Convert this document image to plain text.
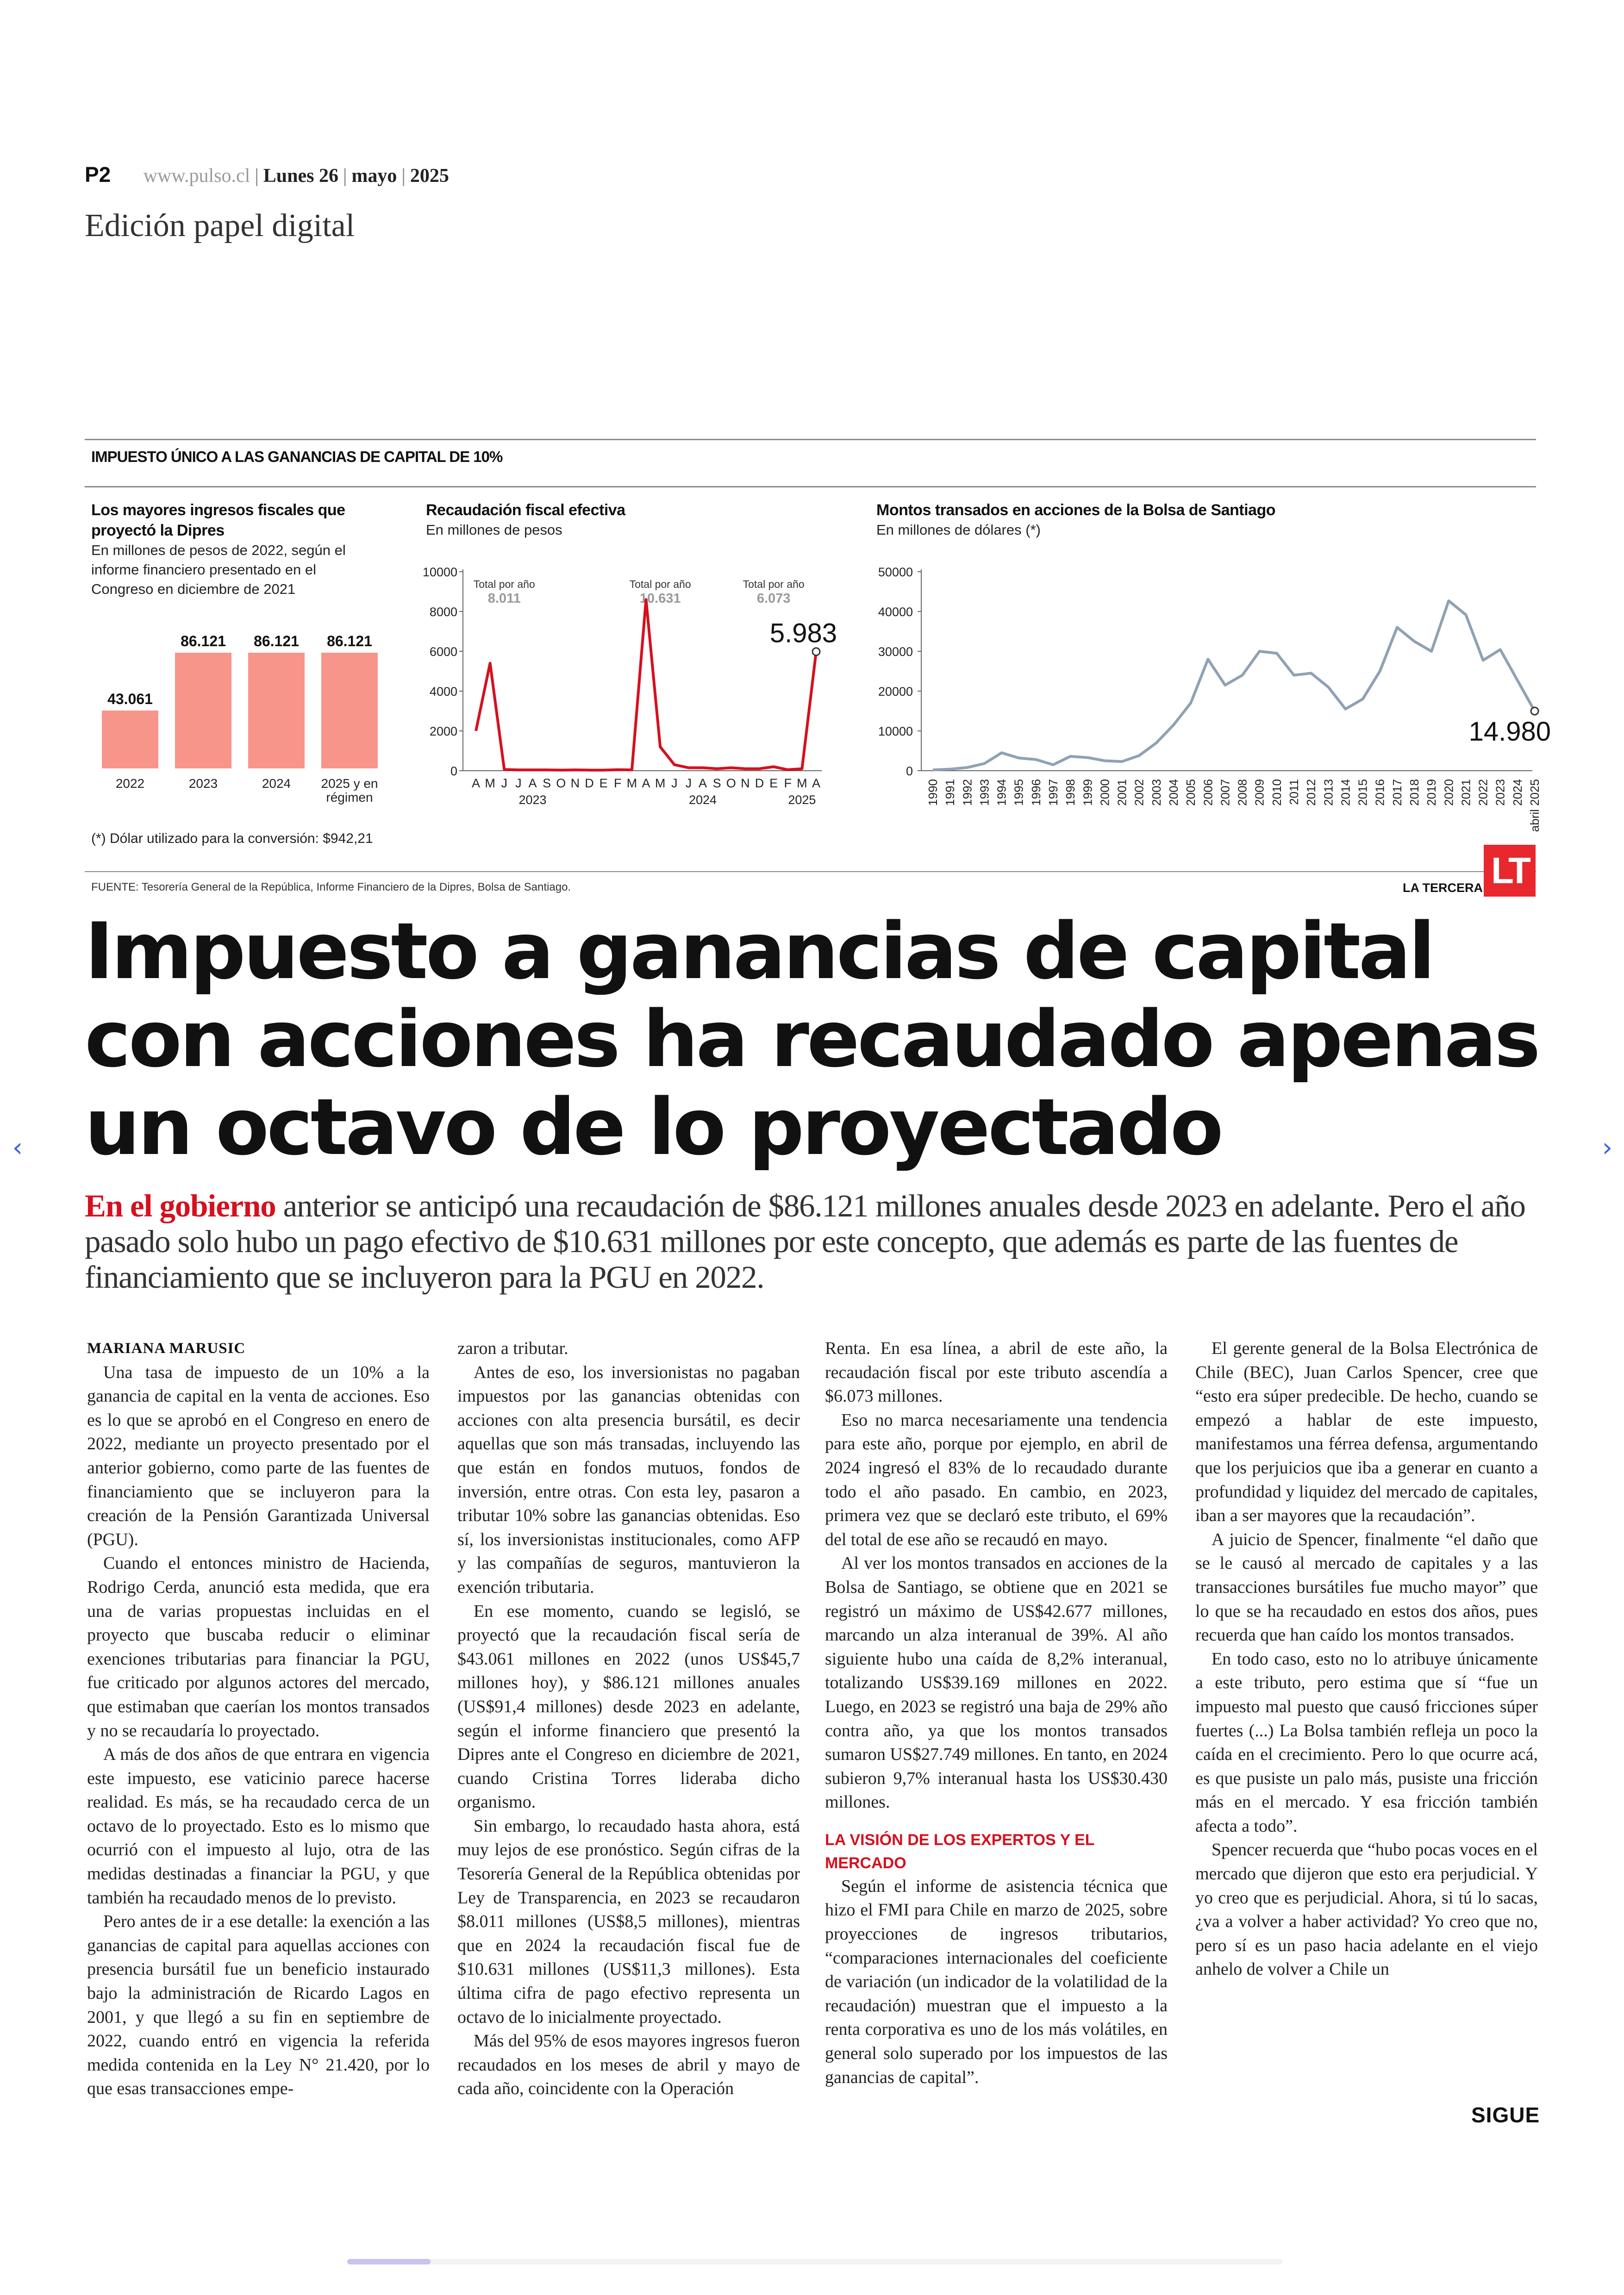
P2 www.pulso.cl | Lunes 26 | mayo | 2025
Edición papel digital
IMPUESTO ÚNICO A LAS GANANCIAS DE CAPITAL DE 10%
Los mayores ingresos fiscales que proyectó la Dipres
En millones de pesos de 2022, según el informe financiero presentado en el Congreso en diciembre de 2021
Recaudación fiscal efectiva
En millones de pesos
Montos transados en acciones de la Bolsa de Santiago
En millones de dólares (*)
43.061
2022
86.121
2023
86.121
2024
86.121
2025 y en
régimen
0
2000
4000
6000
8000
10000
A M J J A S O N D E F M A M J J A S O N D E F M A
2023	2024	2025
Total por año
8.011
Total por año
10.631
Total por año
6.073
5.983
0
10000
20000
30000
40000
50000
1990 1991 1992 1993 1994 1995 1996 1997 1998 1999 2000 2001 2002 2003 2004 2005 2006 2007 2008 2009 2010 2011 2012 2013 2014 2015 2016 2017 2018 2019 2020 2021 2022 2023 2024 abril 2025
14.980
(*) Dólar utilizado para la conversión: $942,21
FUENTE: Tesorería General de la República, Informe Financiero de la Dipres, Bolsa de Santiago.	LA TERCERA LT
Impuesto a ganancias de capital con acciones ha recaudado apenas un octavo de lo proyectado
En el gobierno anterior se anticipó una recaudación de $86.121 millones anuales desde 2023 en adelante. Pero el año pasado solo hubo un pago efectivo de $10.631 millones por este concepto, que además es parte de las fuentes de financiamiento que se incluyeron para la PGU en 2022.

MARIANA MARUSIC

Una tasa de impuesto de un 10% a la ganancia de capital en la venta de acciones. Eso es lo que se aprobó en el Congreso en enero de 2022, mediante un proyecto presentado por el anterior gobierno, como parte de las fuentes de financiamiento que se incluyeron para la creación de la Pensión Garantizada Universal (PGU).

Cuando el entonces ministro de Hacienda, Rodrigo Cerda, anunció esta medida, que era una de varias propuestas incluidas en el proyecto que buscaba reducir o eliminar exenciones tributarias para financiar la PGU, fue criticado por algunos actores del mercado, que estimaban que caerían los montos transados y no se recaudaría lo proyectado.

A más de dos años de que entrara en vigencia este impuesto, ese vaticinio parece hacerse realidad. Es más, se ha recaudado cerca de un octavo de lo proyectado. Esto es lo mismo que ocurrió con el impuesto al lujo, otra de las medidas destinadas a financiar la PGU, y que también ha recaudado menos de lo previsto.

Pero antes de ir a ese detalle: la exención a las ganancias de capital para aquellas acciones con presencia bursátil fue un beneficio instaurado bajo la administración de Ricardo Lagos en 2001, y que llegó a su fin en septiembre de 2022, cuando entró en vigencia la referida medida contenida en la Ley N° 21.420, por lo que esas transacciones empe-

zaron a tributar.

Antes de eso, los inversionistas no pagaban impuestos por las ganancias obtenidas con acciones con alta presencia bursátil, es decir aquellas que son más transadas, incluyendo las que están en fondos mutuos, fondos de inversión, entre otras. Con esta ley, pasaron a tributar 10% sobre las ganancias obtenidas. Eso sí, los inversionistas institucionales, como AFP y las compañías de seguros, mantuvieron la exención tributaria.

En ese momento, cuando se legisló, se proyectó que la recaudación fiscal sería de $43.061 millones en 2022 (unos US$45,7 millones hoy), y $86.121 millones anuales (US$91,4 millones) desde 2023 en adelante, según el informe financiero que presentó la Dipres ante el Congreso en diciembre de 2021, cuando Cristina Torres lideraba dicho organismo.

Sin embargo, lo recaudado hasta ahora, está muy lejos de ese pronóstico. Según cifras de la Tesorería General de la República obtenidas por Ley de Transparencia, en 2023 se recaudaron $8.011 millones (US$8,5 millones), mientras que en 2024 la recaudación fiscal fue de $10.631 millones (US$11,3 millones). Esta última cifra de pago efectivo representa un octavo de lo inicialmente proyectado.

Más del 95% de esos mayores ingresos fueron recaudados en los meses de abril y mayo de cada año, coincidente con la Operación

Renta. En esa línea, a abril de este año, la recaudación fiscal por este tributo ascendía a $6.073 millones.

Eso no marca necesariamente una tendencia para este año, porque por ejemplo, en abril de 2024 ingresó el 83% de lo recaudado durante todo el año pasado. En cambio, en 2023, primera vez que se declaró este tributo, el 69% del total de ese año se recaudó en mayo.

Al ver los montos transados en acciones de la Bolsa de Santiago, se obtiene que en 2021 se registró un máximo de US$42.677 millones, marcando un alza interanual de 39%. Al año siguiente hubo una caída de 8,2% interanual, totalizando US$39.169 millones en 2022. Luego, en 2023 se registró una baja de 29% año contra año, ya que los montos transados sumaron US$27.749 millones. En tanto, en 2024 subieron 9,7% interanual hasta los US$30.430 millones.

LA VISIÓN DE LOS EXPERTOS Y EL MERCADO

Según el informe de asistencia técnica que hizo el FMI para Chile en marzo de 2025, sobre proyecciones de ingresos tributarios, “comparaciones internacionales del coeficiente de variación (un indicador de la volatilidad de la recaudación) muestran que el impuesto a la renta corporativa es uno de los más volátiles, en general solo superado por los impuestos de las ganancias de capital”.

El gerente general de la Bolsa Electrónica de Chile (BEC), Juan Carlos Spencer, cree que “esto era súper predecible. De hecho, cuando se empezó a hablar de este impuesto, manifestamos una férrea defensa, argumentando que los perjuicios que iba a generar en cuanto a profundidad y liquidez del mercado de capitales, iban a ser mayores que la recaudación”.

A juicio de Spencer, finalmente “el daño que se le causó al mercado de capitales y a las transacciones bursátiles fue mucho mayor” que lo que se ha recaudado en estos dos años, pues recuerda que han caído los montos transados.

En todo caso, esto no lo atribuye únicamente a este tributo, pero estima que sí “fue un impuesto mal puesto que causó fricciones súper fuertes (...) La Bolsa también refleja un poco la caída en el crecimiento. Pero lo que ocurre acá, es que pusiste un palo más, pusiste una fricción más en el mercado. Y esa fricción también afecta a todo”.

Spencer recuerda que “hubo pocas voces en el mercado que dijeron que esto era perjudicial. Y yo creo que es perjudicial. Ahora, si tú lo sacas, ¿va a volver a haber actividad? Yo creo que no, pero sí es un paso hacia adelante en el viejo anhelo de volver a Chile un

SIGUE
‹	›
